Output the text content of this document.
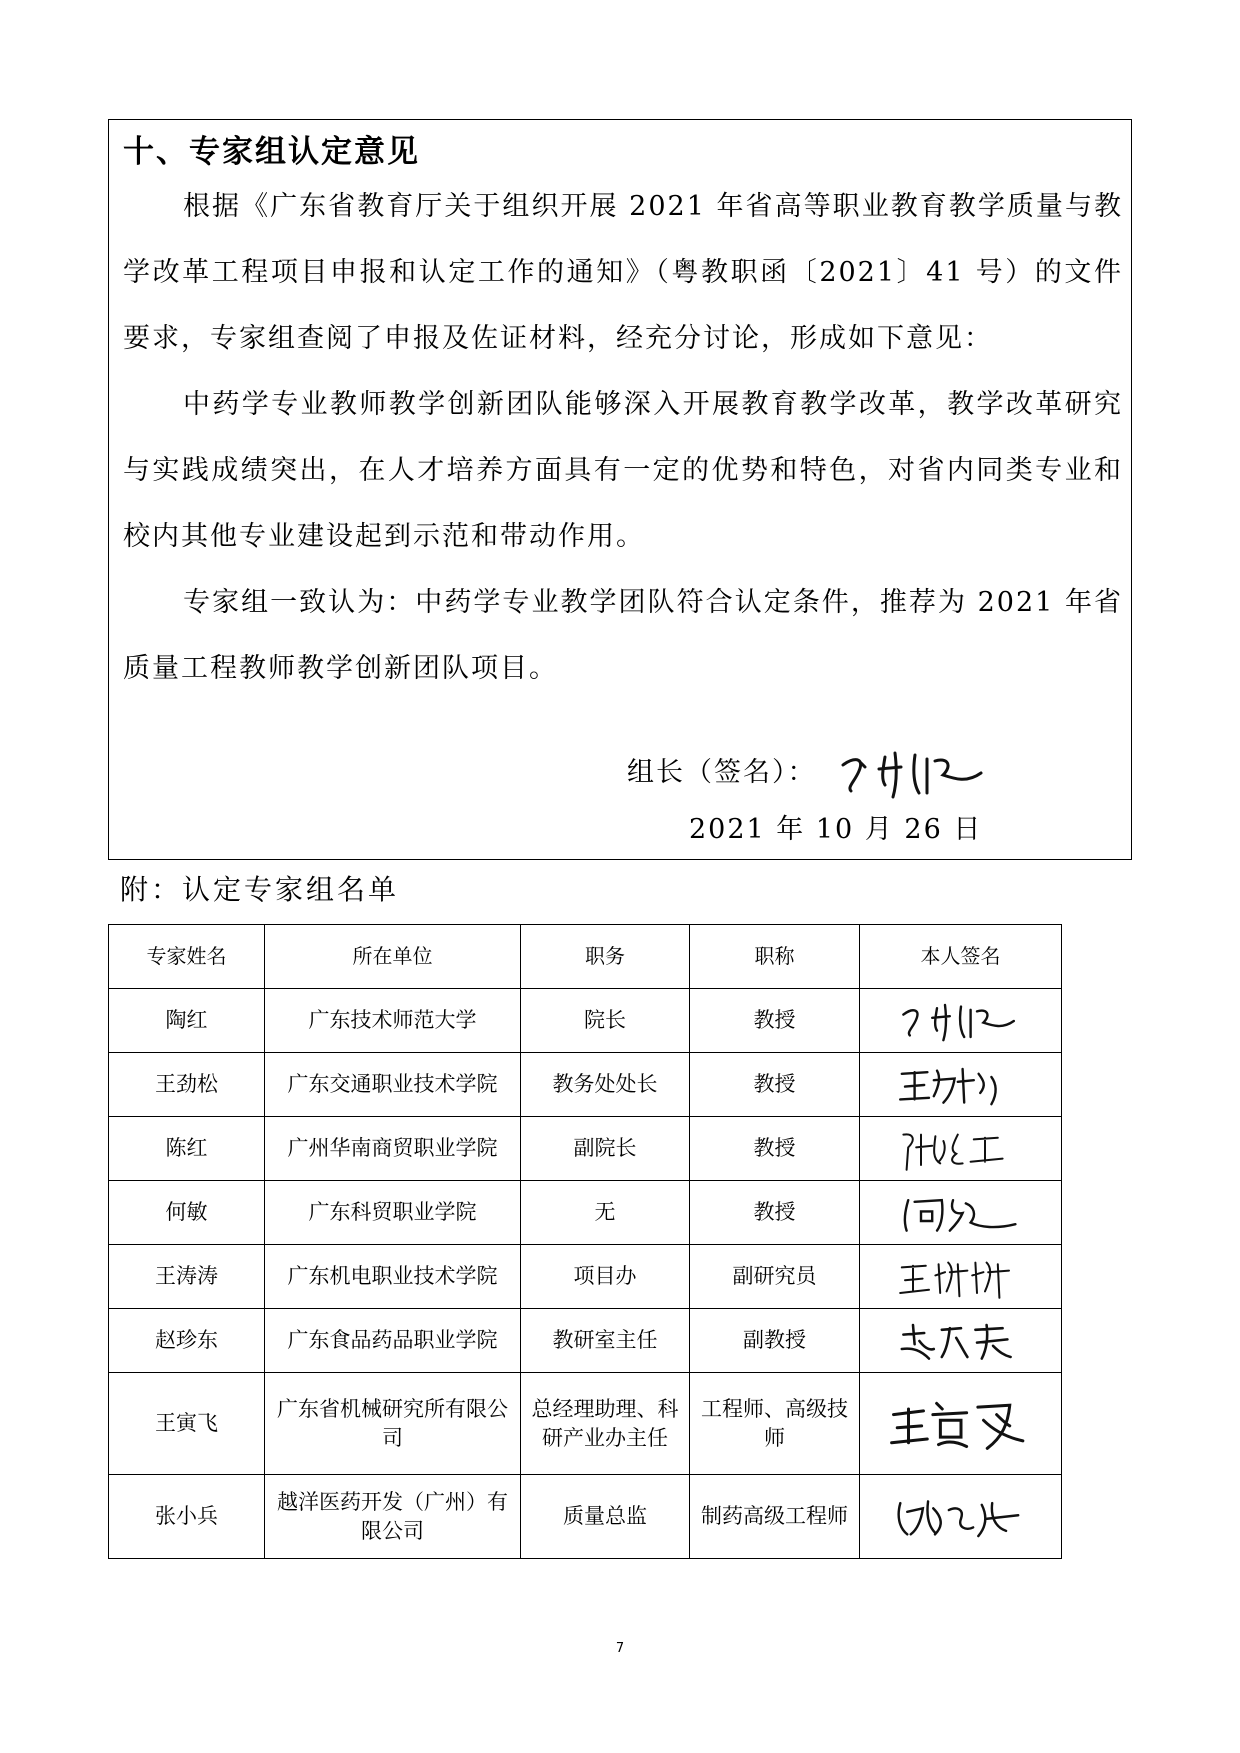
十、专家组认定意见

根据《广东省教育厅关于组织开展 2021 年省高等职业教育教学质量与教学改革工程项目申报和认定工作的通知》（粤教职函〔2021〕41 号）的文件要求，专家组查阅了申报及佐证材料，经充分讨论，形成如下意见：

中药学专业教师教学创新团队能够深入开展教育教学改革，教学改革研究与实践成绩突出，在人才培养方面具有一定的优势和特色，对省内同类专业和校内其他专业建设起到示范和带动作用。

专家组一致认为：中药学专业教学团队符合认定条件，推荐为 2021 年省质量工程教师教学创新团队项目。

组长（签名）：
2021 年 10 月 26 日
附：认定专家组名单
专家姓名	所在单位	职务	职称	本人签名
陶红	广东技术师范大学	院长	教授	

王劲松	广东交通职业技术学院	教务处处长	教授	

陈红	广州华南商贸职业学院	副院长	教授	

何敏	广东科贸职业学院	无	教授	

王涛涛	广东机电职业技术学院	项目办	副研究员	

赵珍东	广东食品药品职业学院	教研室主任	副教授	

王寅飞	广东省机械研究所有限公司	总经理助理、科研产业办主任	工程师、高级技师	

张小兵	越洋医药开发（广州）有限公司	质量总监	制药高级工程师	
7
